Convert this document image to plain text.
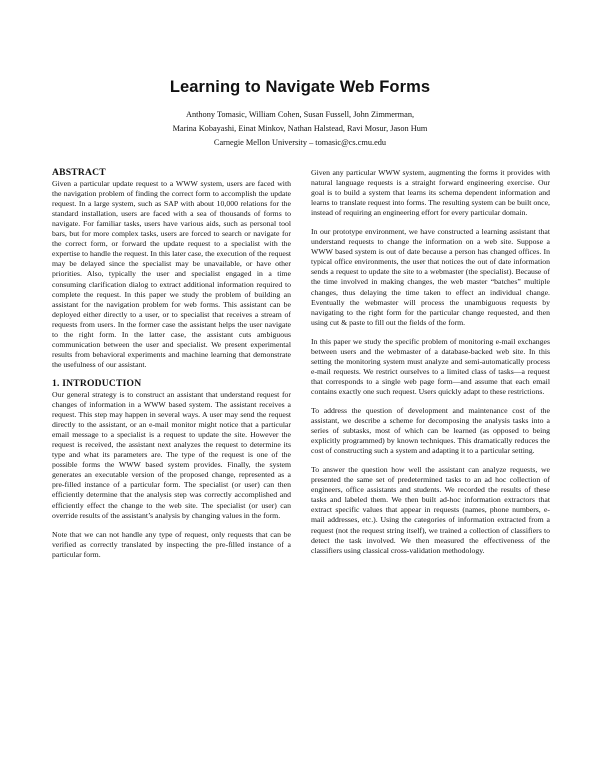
Learning to Navigate Web Forms
Anthony Tomasic, William Cohen, Susan Fussell, John Zimmerman,
Marina Kobayashi, Einat Minkov, Nathan Halstead, Ravi Mosur, Jason Hum
Carnegie Mellon University – tomasic@cs.cmu.edu
ABSTRACT

Given a particular update request to a WWW system, users are faced with the navigation problem of finding the correct form to accomplish the update request. In a large system, such as SAP with about 10,000 relations for the standard installation, users are faced with a sea of thousands of forms to navigate. For familiar tasks, users have various aids, such as personal tool bars, but for more complex tasks, users are forced to search or navigate for the correct form, or forward the update request to a specialist with the expertise to handle the request. In this later case, the execution of the request may be delayed since the specialist may be unavailable, or have other priorities. Also, typically the user and specialist engaged in a time consuming clarification dialog to extract additional information required to complete the request. In this paper we study the problem of building an assistant for the navigation problem for web forms. This assistant can be deployed either directly to a user, or to specialist that receives a stream of requests from users. In the former case the assistant helps the user navigate to the right form. In the latter case, the assistant cuts ambiguous communication between the user and specialist. We present experimental results from behavioral experiments and machine learning that demonstrate the usefulness of our assistant.

1. INTRODUCTION

Our general strategy is to construct an assistant that understand request for changes of information in a WWW based system. The assistant receives a request. This step may happen in several ways. A user may send the request directly to the assistant, or an e-mail monitor might notice that a particular email message to a specialist is a request to update the site. However the request is received, the assistant next analyzes the request to determine its type and what its parameters are. The type of the request is one of the possible forms the WWW based system provides. Finally, the system generates an executable version of the proposed change, represented as a pre-filled instance of a particular form. The specialist (or user) can then efficiently determine that the analysis step was correctly accomplished and efficiently effect the change to the web site. The specialist (or user) can override results of the assistant’s analysis by changing values in the form.

Note that we can not handle any type of request, only requests that can be verified as correctly translated by inspecting the pre-filled instance of a particular form.

Given any particular WWW system, augmenting the forms it provides with natural language requests is a straight forward engineering exercise. Our goal is to build a system that learns its schema dependent information and learns to translate request into forms. The resulting system can be built once, instead of requiring an engineering effort for every particular domain.

In our prototype environment, we have constructed a learning assistant that understand requests to change the information on a web site. Suppose a WWW based system is out of date because a person has changed offices. In typical office environments, the user that notices the out of date information sends a request to update the site to a webmaster (the specialist). Because of the time involved in making changes, the web master “batches” multiple changes, thus delaying the time taken to effect an individual change. Eventually the webmaster will process the unambiguous requests by navigating to the right form for the particular change requested, and then using cut & paste to fill out the fields of the form.

In this paper we study the specific problem of monitoring e-mail exchanges between users and the webmaster of a database-backed web site. In this setting the monitoring system must analyze and semi-automatically process e-mail requests. We restrict ourselves to a limited class of tasks—a request that corresponds to a single web page form—and assume that each email contains exactly one such request. Users quickly adapt to these restrictions.

To address the question of development and maintenance cost of the assistant, we describe a scheme for decomposing the analysis tasks into a series of subtasks, most of which can be learned (as opposed to being explicitly programmed) by known techniques. This dramatically reduces the cost of constructing such a system and adapting it to a particular setting.

To answer the question how well the assistant can analyze requests, we presented the same set of predetermined tasks to an ad hoc collection of engineers, office assistants and students. We recorded the results of these tasks and labeled them. We then built ad-hoc information extractors that extract specific values that appear in requests (names, phone numbers, e-mail addresses, etc.). Using the categories of information extracted from a request (not the request string itself), we trained a collection of classifiers to detect the task involved. We then measured the effectiveness of the classifiers using classical cross-validation methodology.
